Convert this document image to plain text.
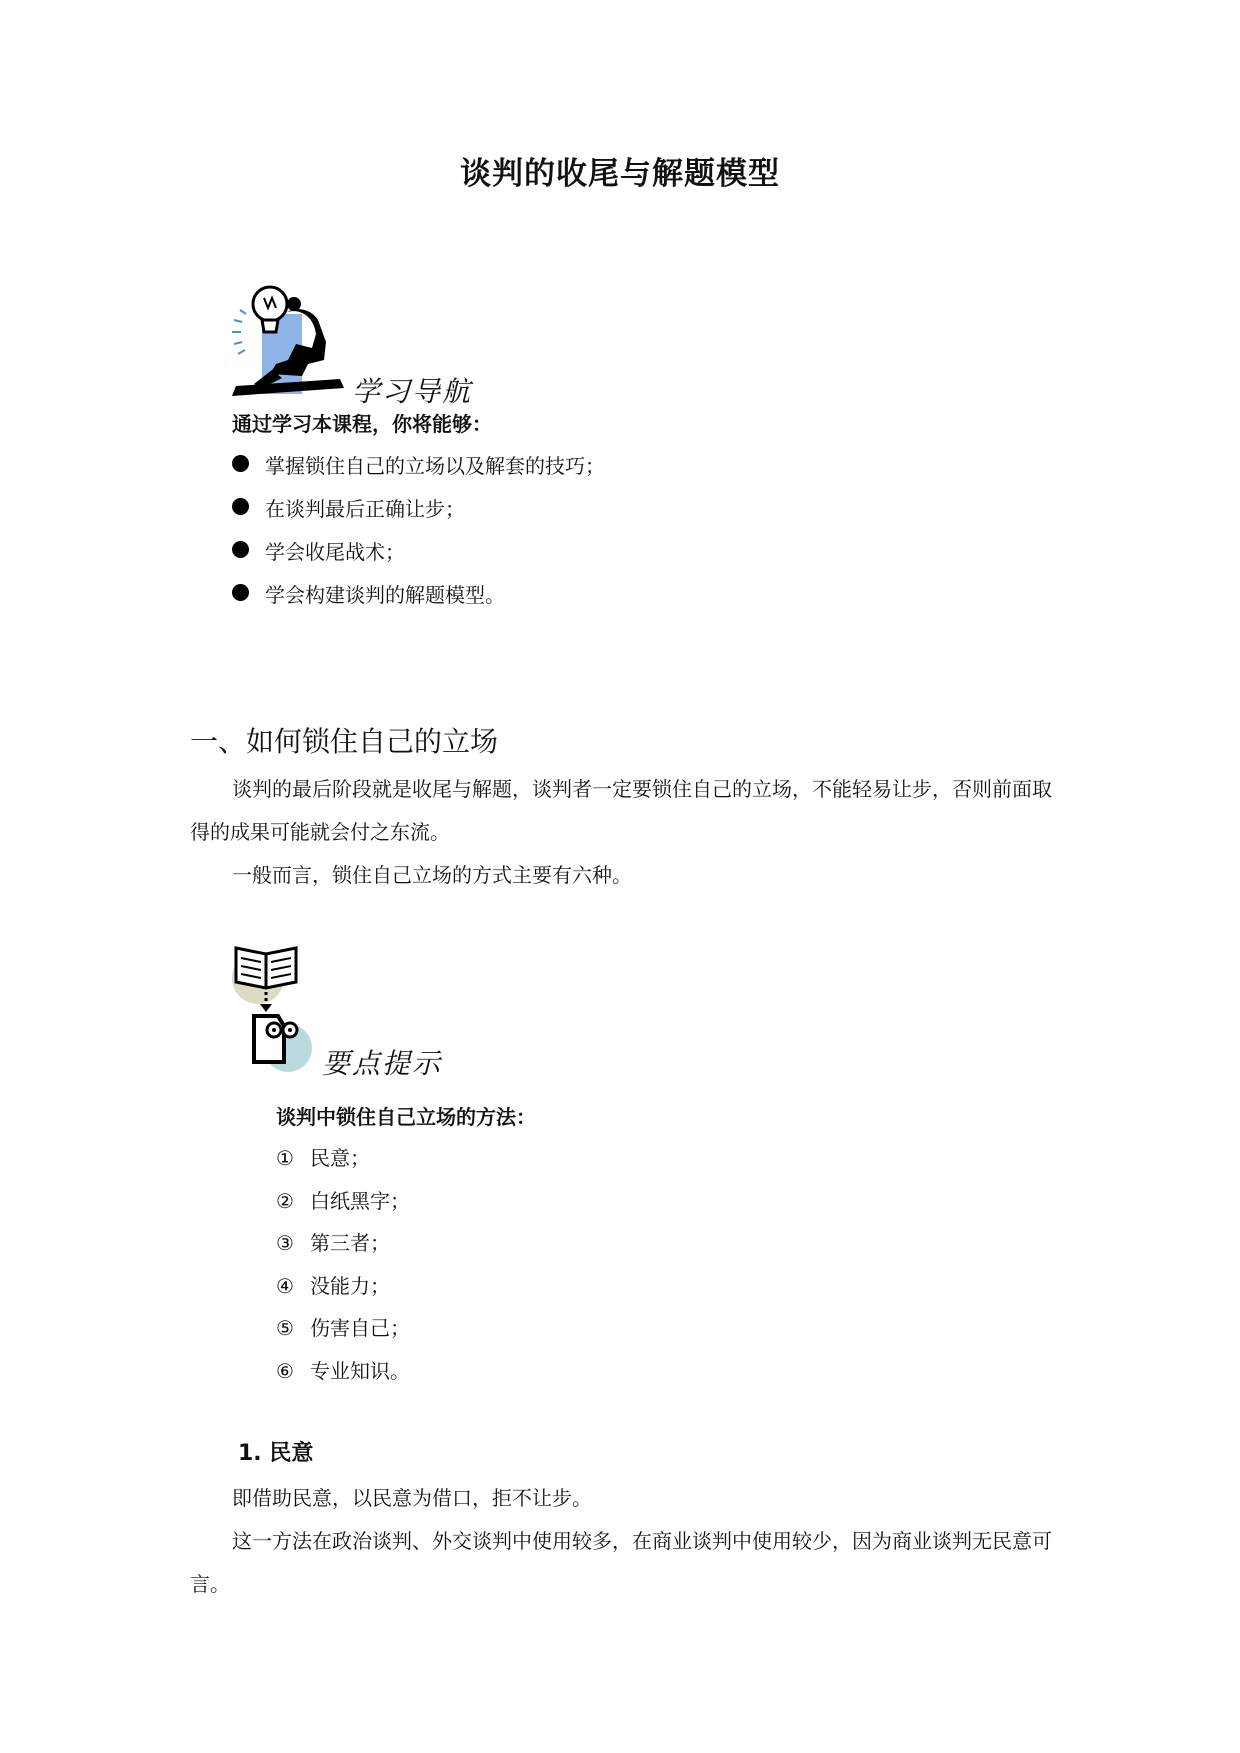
谈判的收尾与解题模型
学习导航
通过学习本课程，你将能够：
掌握锁住自己的立场以及解套的技巧；
在谈判最后正确让步；
学会收尾战术；
学会构建谈判的解题模型。
一、如何锁住自己的立场

谈判的最后阶段就是收尾与解题，谈判者一定要锁住自己的立场，不能轻易让步，否则前面取得的成果可能就会付之东流。

一般而言，锁住自己立场的方式主要有六种。

要点提示
谈判中锁住自己立场的方法：
① 民意；
② 白纸黑字；
③ 第三者；
④ 没能力；
⑤ 伤害自己；
⑥ 专业知识。
1. 民意

即借助民意，以民意为借口，拒不让步。

这一方法在政治谈判、外交谈判中使用较多，在商业谈判中使用较少，因为商业谈判无民意可言。
